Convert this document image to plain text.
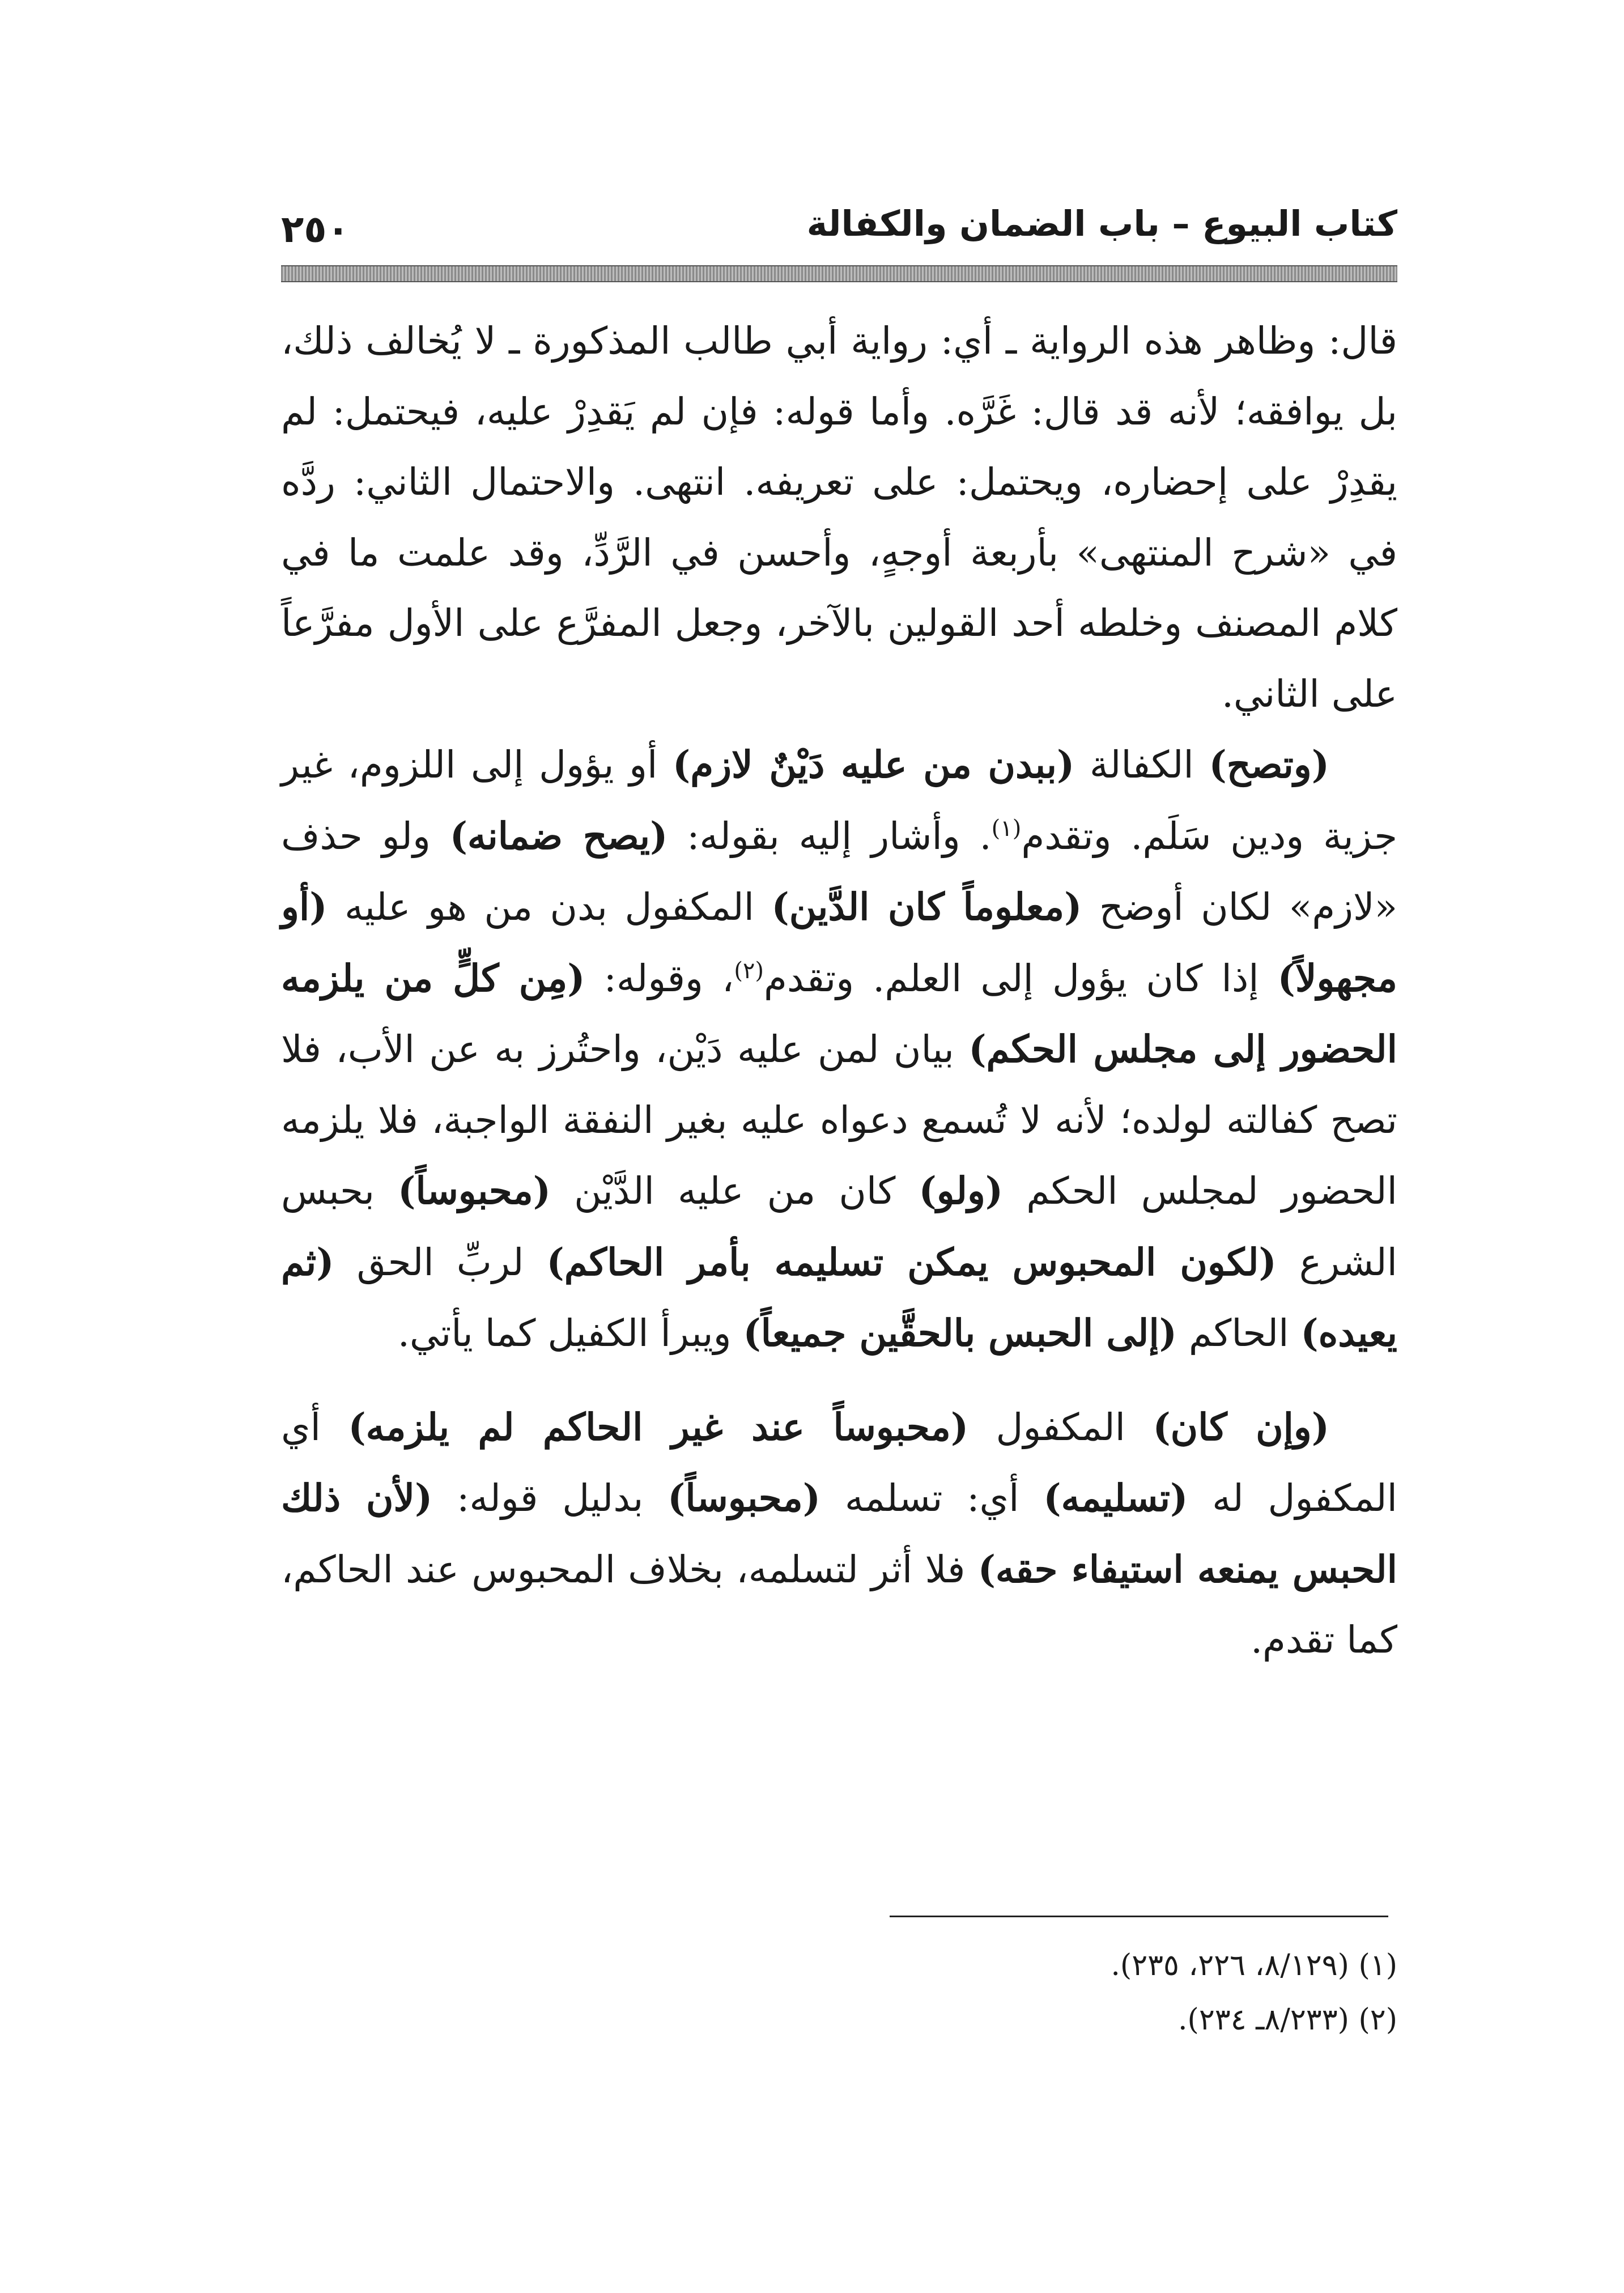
كتاب البيوع – باب الضمان والكفالة
٢٥٠

قال: وظاهر هذه الرواية ـ أي: رواية أبي طالب المذكورة ـ لا يُخالف ذلك، بل يوافقه؛ لأنه قد قال: غَرَّه. وأما قوله: فإن لم يَقدِرْ عليه، فيحتمل: لم يقدِرْ على إحضاره، ويحتمل: على تعريفه. انتهى. والاحتمال الثاني: ردَّه في «شرح المنتهى» بأربعة أوجهٍ، وأحسن في الرَّدِّ، وقد علمت ما في كلام المصنف وخلطه أحد القولين بالآخر، وجعل المفرَّع على الأول مفرَّعاً على الثاني.

(وتصح) الكفالة (ببدن من عليه دَيْنٌ لازم) أو يؤول إلى اللزوم، غير جزية ودين سَلَم. وتقدم$^{(١)}$. وأشار إليه بقوله: (يصح ضمانه) ولو حذف «لازم» لكان أوضح (معلوماً كان الدَّين) المكفول بدن من هو عليه (أو مجهولاً) إذا كان يؤول إلى العلم. وتقدم$^{(٢)}$، وقوله: (مِن كلٍّ من يلزمه الحضور إلى مجلس الحكم) بيان لمن عليه دَيْن، واحتُرز به عن الأب، فلا تصح كفالته لولده؛ لأنه لا تُسمع دعواه عليه بغير النفقة الواجبة، فلا يلزمه الحضور لمجلس الحكم (ولو) كان من عليه الدَّيْن (محبوساً) بحبس الشرع (لكون المحبوس يمكن تسليمه بأمر الحاكم) لربِّ الحق (ثم يعيده) الحاكم (إلى الحبس بالحقَّين جميعاً) ويبرأ الكفيل كما يأتي.

(وإن كان) المكفول (محبوساً عند غير الحاكم لم يلزمه) أي المكفول له (تسليمه) أي: تسلمه (محبوساً) بدليل قوله: (لأن ذلك الحبس يمنعه استيفاء حقه) فلا أثر لتسلمه، بخلاف المحبوس عند الحاكم، كما تقدم.

(١) (٨/١٢٩، ٢٢٦، ٢٣٥).

(٢) (٨/٢٣٣ـ ٢٣٤).
